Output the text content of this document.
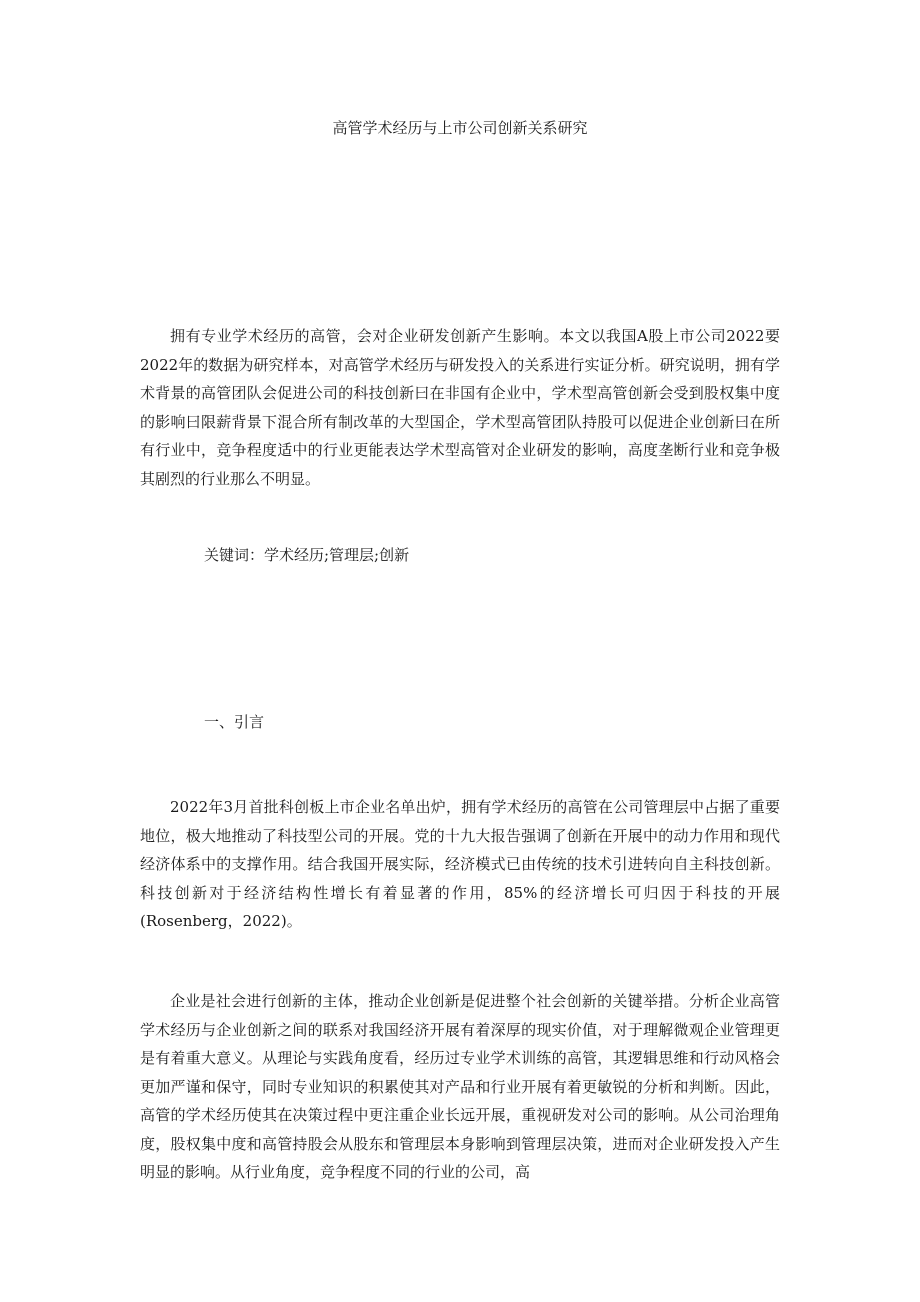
高管学术经历与上市公司创新关系研究

拥有专业学术经历的高管，会对企业研发创新产生影响。本文以我国A股上市公司2022要2022年的数据为研究样本，对高管学术经历与研发投入的关系进行实证分析。研究说明，拥有学术背景的高管团队会促进公司的科技创新曰在非国有企业中，学术型高管创新会受到股权集中度的影响曰限薪背景下混合所有制改革的大型国企，学术型高管团队持股可以促进企业创新曰在所有行业中，竞争程度适中的行业更能表达学术型高管对企业研发的影响，高度垄断行业和竞争极其剧烈的行业那么不明显。

关键词：学术经历;管理层;创新
一、引言

2022年3月首批科创板上市企业名单出炉，拥有学术经历的高管在公司管理层中占据了重要地位，极大地推动了科技型公司的开展。党的十九大报告强调了创新在开展中的动力作用和现代经济体系中的支撑作用。结合我国开展实际，经济模式已由传统的技术引进转向自主科技创新。科技创新对于经济结构性增长有着显著的作用，85%的经济增长可归因于科技的开展(Rosenberg，2022)。

企业是社会进行创新的主体，推动企业创新是促进整个社会创新的关键举措。分析企业高管学术经历与企业创新之间的联系对我国经济开展有着深厚的现实价值，对于理解微观企业管理更是有着重大意义。从理论与实践角度看，经历过专业学术训练的高管，其逻辑思维和行动风格会更加严谨和保守，同时专业知识的积累使其对产品和行业开展有着更敏锐的分析和判断。因此，高管的学术经历使其在决策过程中更注重企业长远开展，重视研发对公司的影响。从公司治理角度，股权集中度和高管持股会从股东和管理层本身影响到管理层决策，进而对企业研发投入产生明显的影响。从行业角度，竞争程度不同的行业的公司，高
